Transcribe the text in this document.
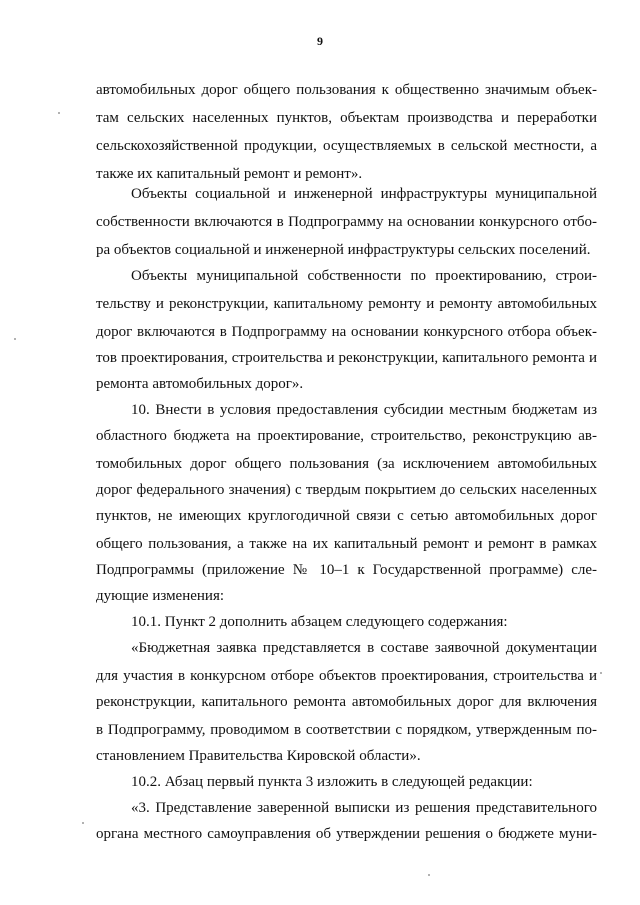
9
автомобильных дорог общего пользования к общественно значимым объек-
там сельских населенных пунктов, объектам производства и переработки
сельскохозяйственной продукции, осуществляемых в сельской местности, а
также их капитальный ремонт и ремонт».
Объекты социальной и инженерной инфраструктуры муниципальной
собственности включаются в Подпрограмму на основании конкурсного отбо-
ра объектов социальной и инженерной инфраструктуры сельских поселений.
Объекты муниципальной собственности по проектированию, строи-
тельству и реконструкции, капитальному ремонту и ремонту автомобильных
дорог включаются в Подпрограмму на основании конкурсного отбора объек-
тов проектирования, строительства и реконструкции, капитального ремонта и
ремонта автомобильных дорог».
10. Внести в условия предоставления субсидии местным бюджетам из
областного бюджета на проектирование, строительство, реконструкцию ав-
томобильных дорог общего пользования (за исключением автомобильных
дорог федерального значения) с твердым покрытием до сельских населенных
пунктов, не имеющих круглогодичной связи с сетью автомобильных дорог
общего пользования, а также на их капитальный ремонт и ремонт в рамках
Подпрограммы (приложение № 10–1 к Государственной программе) сле-
дующие изменения:
10.1. Пункт 2 дополнить абзацем следующего содержания:
«Бюджетная заявка представляется в составе заявочной документации
для участия в конкурсном отборе объектов проектирования, строительства и
реконструкции, капитального ремонта автомобильных дорог для включения
в Подпрограмму, проводимом в соответствии с порядком, утвержденным по-
становлением Правительства Кировской области».
10.2. Абзац первый пункта 3 изложить в следующей редакции:
«3. Представление заверенной выписки из решения представительного
органа местного самоуправления об утверждении решения о бюджете муни-
